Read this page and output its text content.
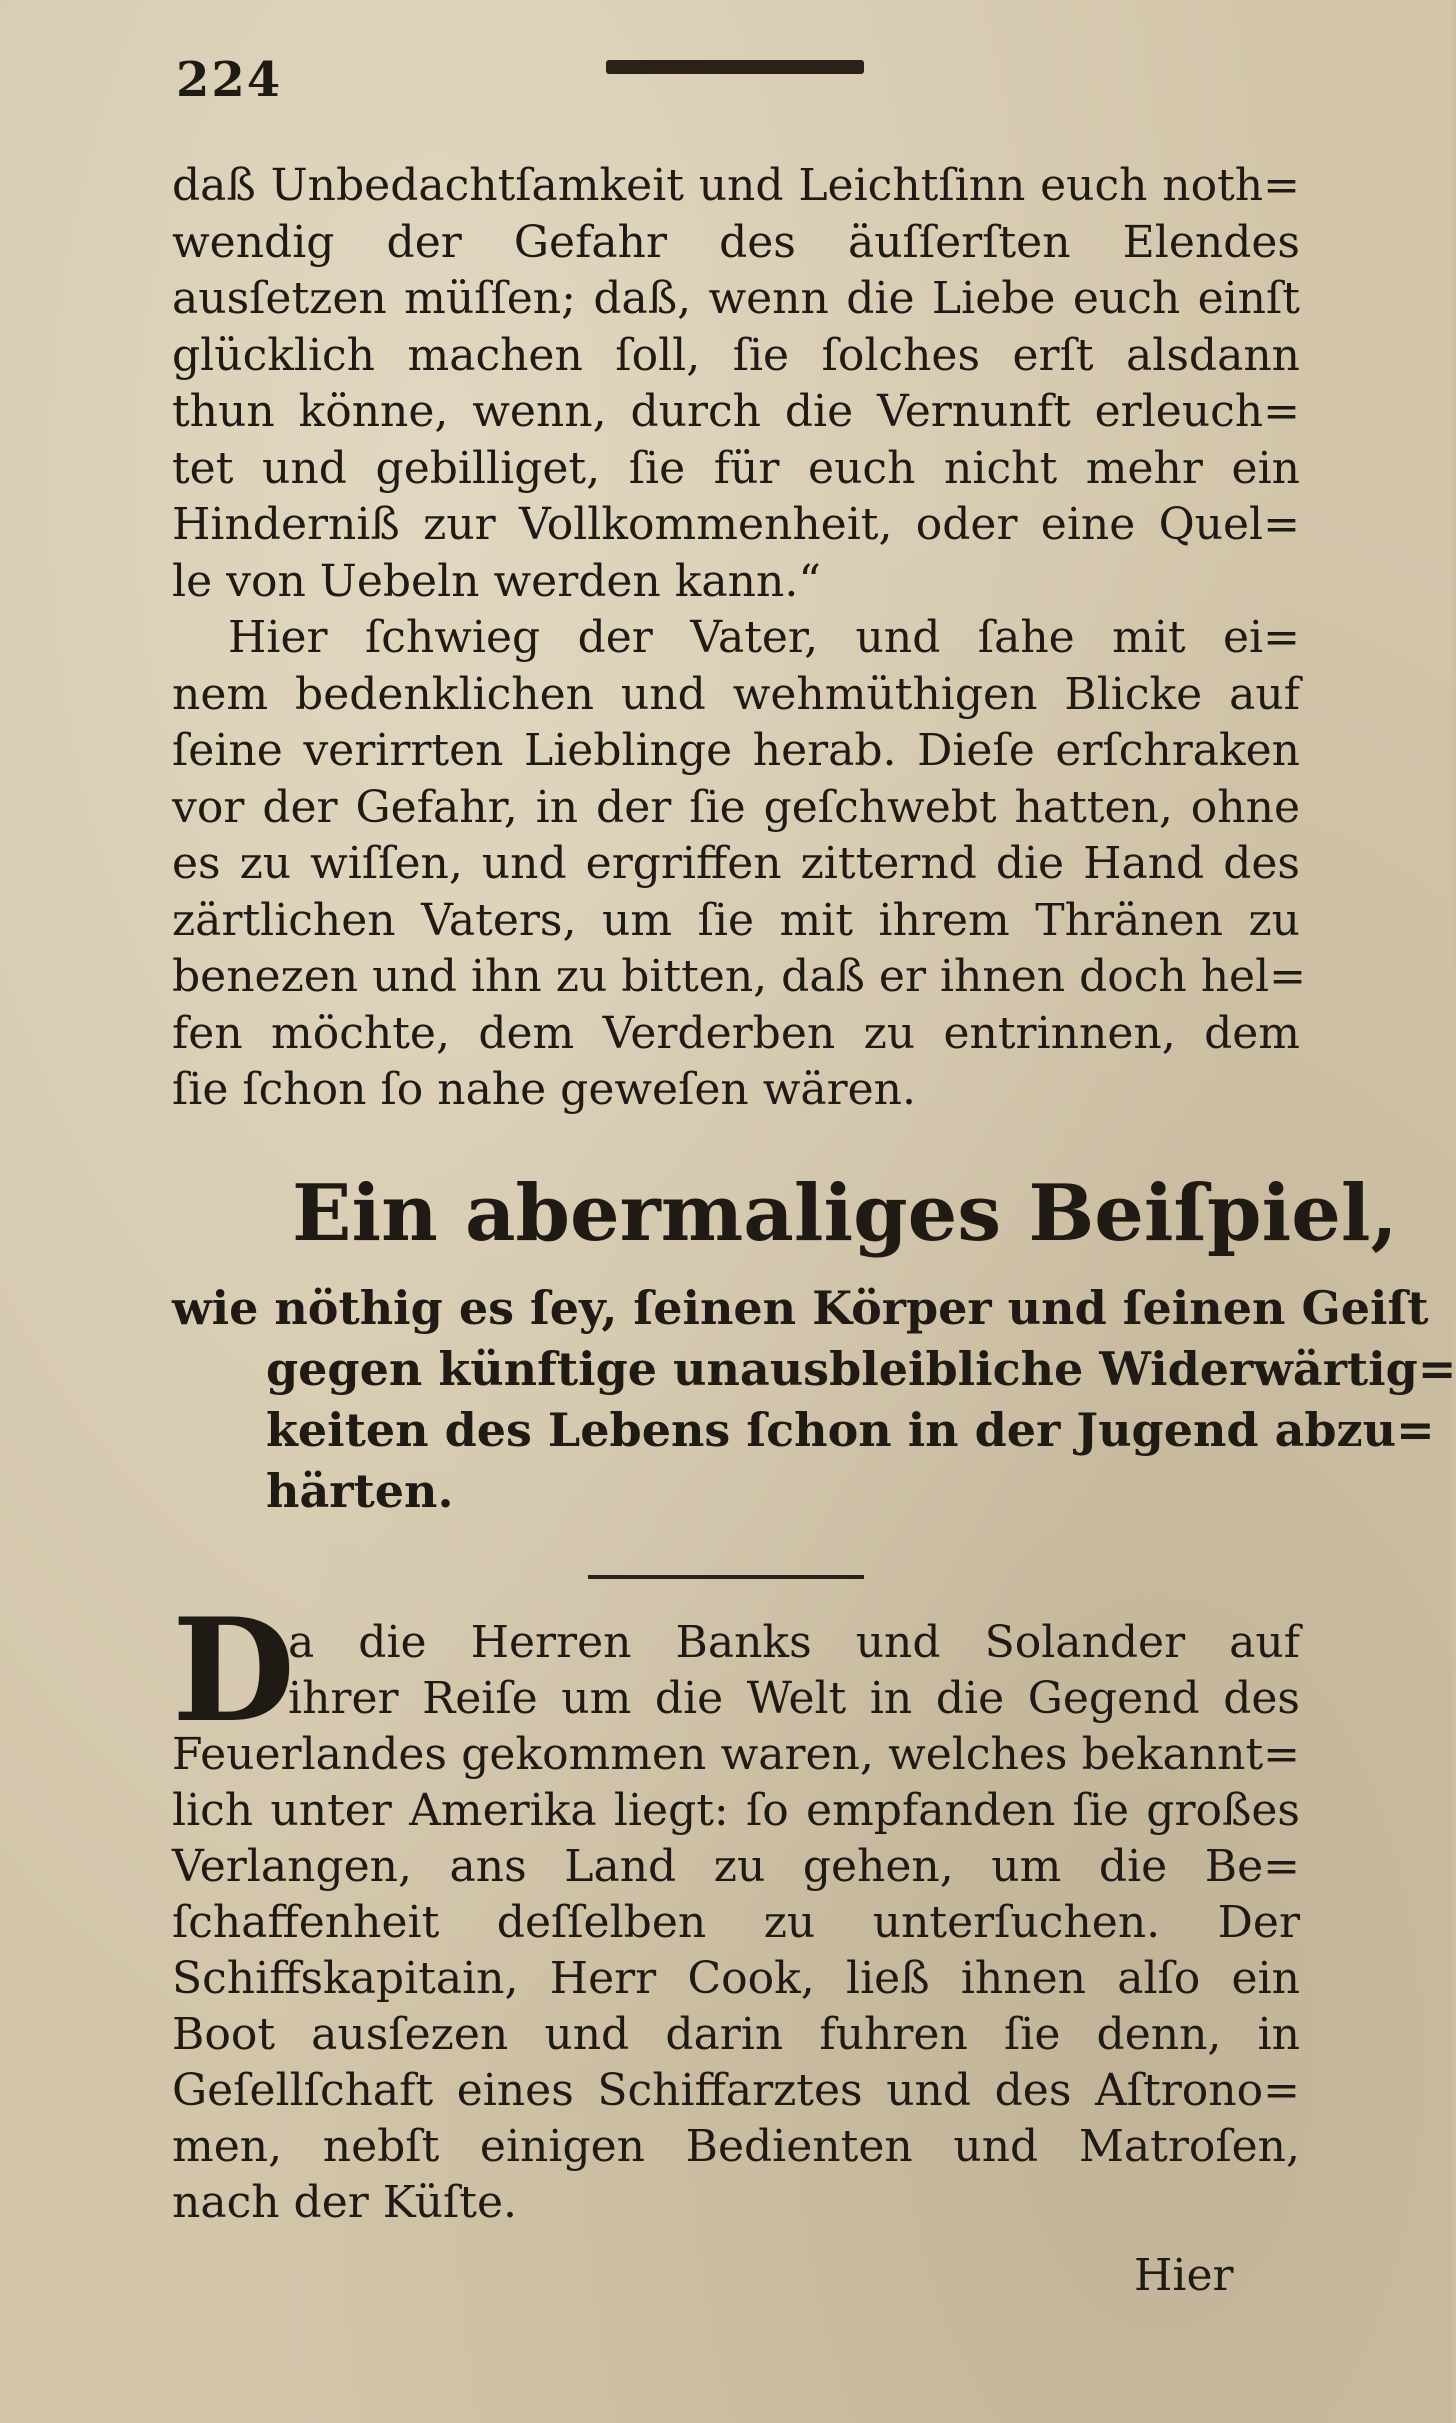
224
daß Unbedachtſamkeit und Leichtſinn euch noth=
wendig der Gefahr des äuſſerſten Elendes
ausſetzen müſſen; daß, wenn die Liebe euch einſt
glücklich machen ſoll, ſie ſolches erſt alsdann
thun könne, wenn, durch die Vernunft erleuch=
tet und gebilliget, ſie für euch nicht mehr ein
Hinderniß zur Vollkommenheit, oder eine Quel=
le von Uebeln werden kann.“
Hier ſchwieg der Vater, und ſahe mit ei=
nem bedenklichen und wehmüthigen Blicke auf
ſeine verirrten Lieblinge herab. Dieſe erſchraken
vor der Gefahr, in der ſie geſchwebt hatten, ohne
es zu wiſſen, und ergriffen zitternd die Hand des
zärtlichen Vaters, um ſie mit ihrem Thränen zu
benezen und ihn zu bitten, daß er ihnen doch hel=
fen möchte, dem Verderben zu entrinnen, dem
ſie ſchon ſo nahe geweſen wären.
Ein abermaliges Beiſpiel,
wie nöthig es ſey, ſeinen Körper und ſeinen Geiſt
gegen künftige unausbleibliche Widerwärtig=
keiten des Lebens ſchon in der Jugend abzu=
härten.
D
a die Herren Banks und Solander auf
ihrer Reiſe um die Welt in die Gegend des
Feuerlandes gekommen waren, welches bekannt=
lich unter Amerika liegt: ſo empfanden ſie großes
Verlangen, ans Land zu gehen, um die Be=
ſchaffenheit deſſelben zu unterſuchen. Der
Schiffskapitain, Herr Cook, ließ ihnen alſo ein
Boot ausſezen und darin fuhren ſie denn, in
Geſellſchaft eines Schiffarztes und des Aſtrono=
men, nebſt einigen Bedienten und Matroſen,
nach der Küſte.
Hier
